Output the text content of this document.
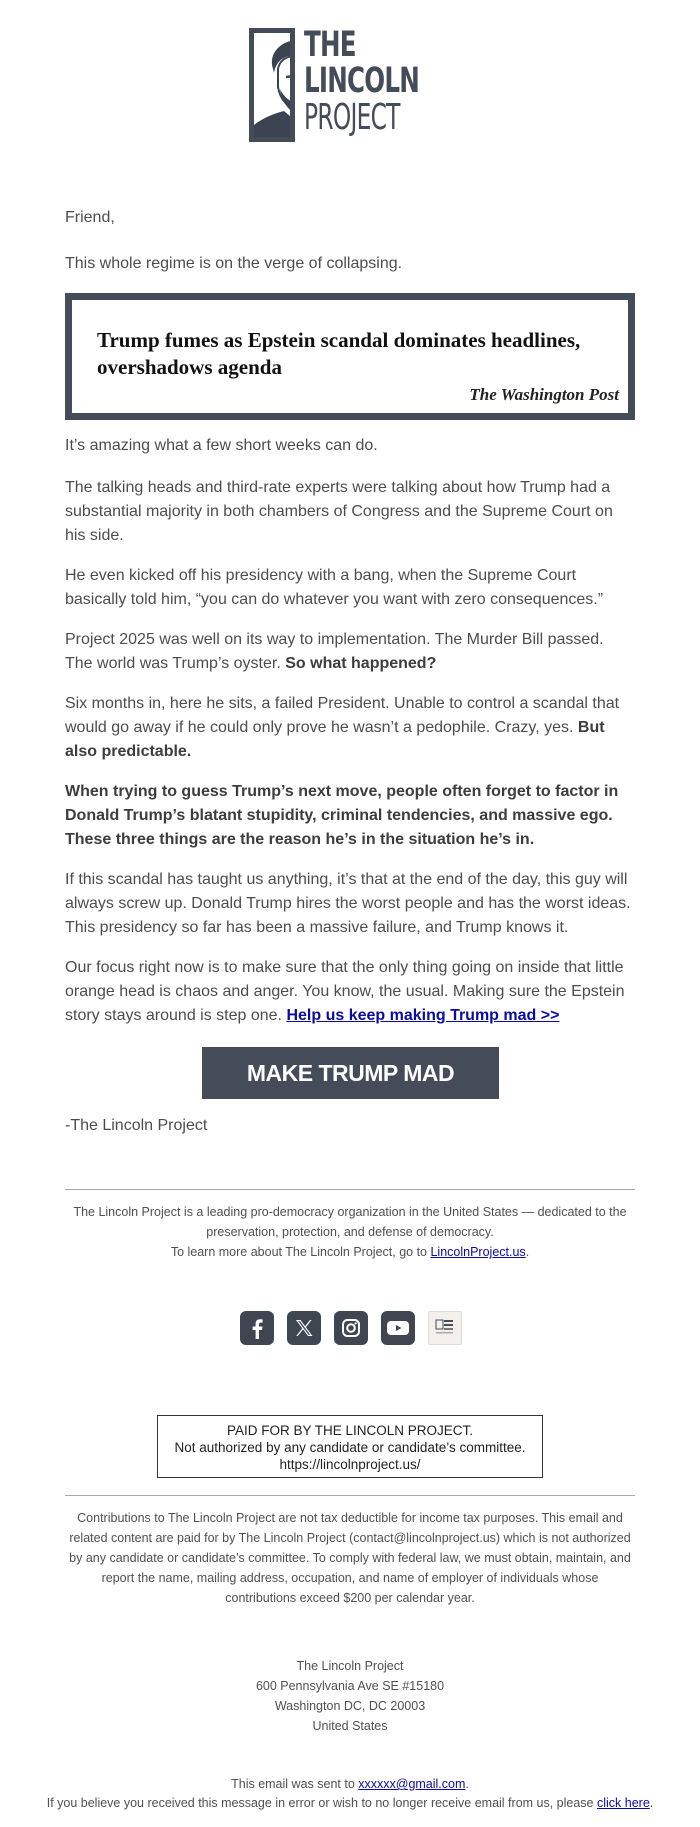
THE
LINCOLN
PROJECT
Friend,
This whole regime is on the verge of collapsing.
Trump fumes as Epstein scandal dominates headlines, overshadows agenda
The Washington Post
It’s amazing what a few short weeks can do.
The talking heads and third-rate experts were talking about how Trump had a substantial majority in both chambers of Congress and the Supreme Court on his side.
He even kicked off his presidency with a bang, when the Supreme Court basically told him, “you can do whatever you want with zero consequences.”
Project 2025 was well on its way to implementation. The Murder Bill passed. The world was Trump’s oyster. So what happened?
Six months in, here he sits, a failed President. Unable to control a scandal that would go away if he could only prove he wasn’t a pedophile. Crazy, yes. But also predictable.
When trying to guess Trump’s next move, people often forget to factor in Donald Trump’s blatant stupidity, criminal tendencies, and massive ego. These three things are the reason he’s in the situation he’s in.
If this scandal has taught us anything, it’s that at the end of the day, this guy will always screw up. Donald Trump hires the worst people and has the worst ideas. This presidency so far has been a massive failure, and Trump knows it.
Our focus right now is to make sure that the only thing going on inside that little orange head is chaos and anger. You know, the usual. Making sure the Epstein story stays around is step one. Help us keep making Trump mad >>
MAKE TRUMP MAD
-The Lincoln Project
The Lincoln Project is a leading pro-democracy organization in the United States — dedicated to the preservation, protection, and defense of democracy.
To learn more about The Lincoln Project, go to LincolnProject.us.
PAID FOR BY THE LINCOLN PROJECT.
Not authorized by any candidate or candidate’s committee.
https://lincolnproject.us/
Contributions to The Lincoln Project are not tax deductible for income tax purposes. This email and related content are paid for by The Lincoln Project (contact@lincolnproject.us) which is not authorized by any candidate or candidate’s committee. To comply with federal law, we must obtain, maintain, and report the name, mailing address, occupation, and name of employer of individuals whose contributions exceed $200 per calendar year.
The Lincoln Project
600 Pennsylvania Ave SE #15180
Washington DC, DC 20003
United States
This email was sent to xxxxxx@gmail.com.
If you believe you received this message in error or wish to no longer receive email from us, please click here.
